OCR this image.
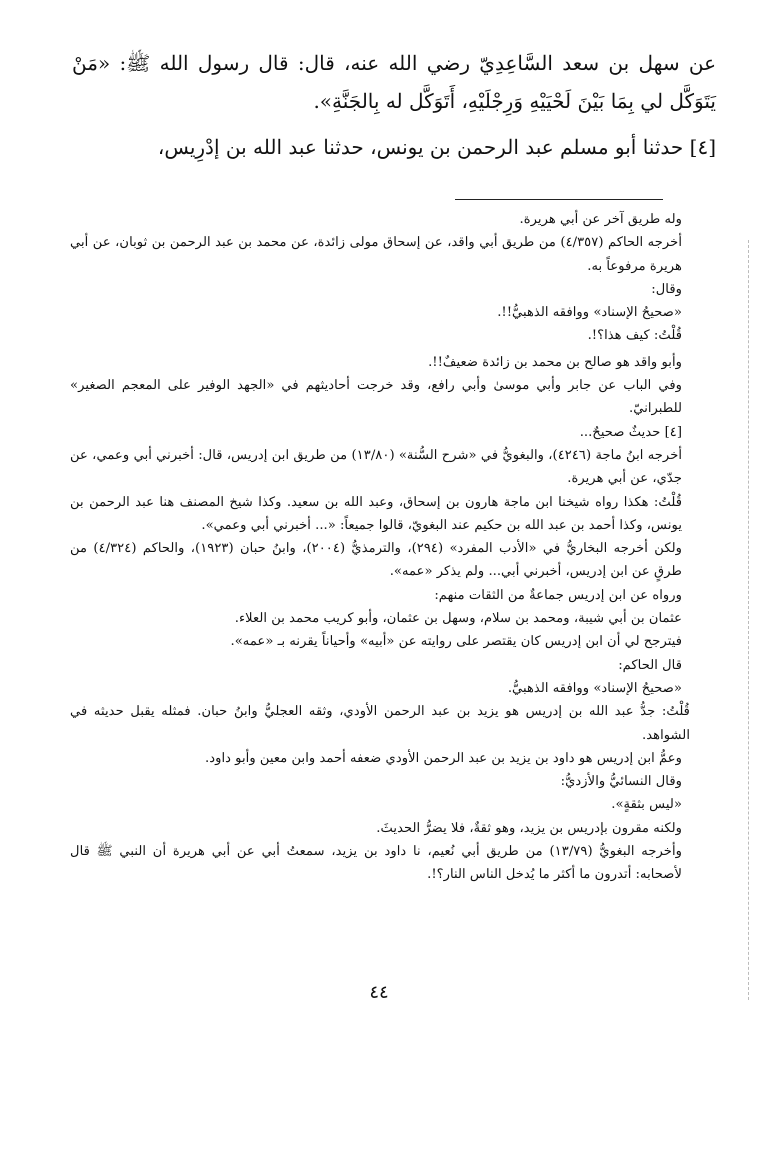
عن سهل بن سعد السَّاعِدِيّ رضي الله عنه، قال: قال رسول الله ﷺ: «مَنْ يَتَوَكَّل لي بِمَا بَيْنَ لَحْيَيْهِ وَرِجْلَيْهِ، أَتَوَكَّل له بِالجَنَّةِ».

[٤] حدثنا أبو مسلم عبد الرحمن بن يونس، حدثنا عبد الله بن إدْرِيس،

وله طريق آخر عن أبي هريرة.

أخرجه الحاكم (٤/٣٥٧) من طريق أبي واقد، عن إسحاق مولى زائدة، عن محمد بن عبد الرحمن بن ثوبان، عن أبي هريرة مرفوعاً به.

وقال:

«صحيحُ الإسناد» ووافقه الذهبيُّ!!.

قُلْتُ: كيف هذا؟!.

وأبو واقد هو صالح بن محمد بن زائدة ضعيفٌ!!.

وفي الباب عن جابر وأبي موسىٰ وأبي رافع، وقد خرجت أحاديثهم في «الجهد الوفير على المعجم الصغير» للطبرانيّ.

[٤] حديثٌ صحيحٌ...

أخرجه ابنُ ماجة (٤٢٤٦)، والبغويُّ في «شرح السُّنة» (١٣/٨٠) من طريق ابن إدريس، قال: أخبرني أبي وعمي، عن جدّي، عن أبي هريرة.

قُلْتُ: هكذا رواه شيخنا ابن ماجة هارون بن إسحاق، وعبد الله بن سعيد. وكذا شيخ المصنف هنا عبد الرحمن بن يونس، وكذا أحمد بن عبد الله بن حكيم عند البغويّ، قالوا جميعاً: «... أخبرني أبي وعمي».

ولكن أخرجه البخاريُّ في «الأدب المفرد» (٢٩٤)، والترمذيُّ (٢٠٠٤)، وابنُ حبان (١٩٢٣)، والحاكم (٤/٣٢٤) من طرقٍ عن ابن إدريس، أخبرني أبي... ولم يذكر «عمه».

ورواه عن ابن إدريس جماعةٌ من الثقات منهم:

عثمان بن أبي شيبة، ومحمد بن سلام، وسهل بن عثمان، وأبو كريب محمد بن العلاء.

فيترجح لي أن ابن إدريس كان يقتصر على روايته عن «أبيه» وأحياناً يقرنه بـ «عمه».

قال الحاكم:

«صحيحُ الإسناد» ووافقه الذهبيُّ.

قُلْتُ: جدُّ عبد الله بن إدريس هو يزيد بن عبد الرحمن الأودي، وثقه العجليُّ وابنُ حبان. فمثله يقبل حديثه في الشواهد.

وعمُّ ابن إدريس هو داود بن يزيد بن عبد الرحمن الأودي ضعفه أحمد وابن معين وأبو داود.

وقال النسائيُّ والأزديُّ:

«ليس بثقةٍ».

ولكنه مقرون بإدريس بن يزيد، وهو ثقةٌ، فلا يضرُّ الحديثَ.

وأخرجه البغويُّ (١٣/٧٩) من طريق أبي نُعيم، نا داود بن يزيد، سمعتُ أبي عن أبي هريرة أن النبي ﷺ قال لأصحابه: أتدرون ما أكثر ما يُدخل الناس النار؟!.

٤٤
